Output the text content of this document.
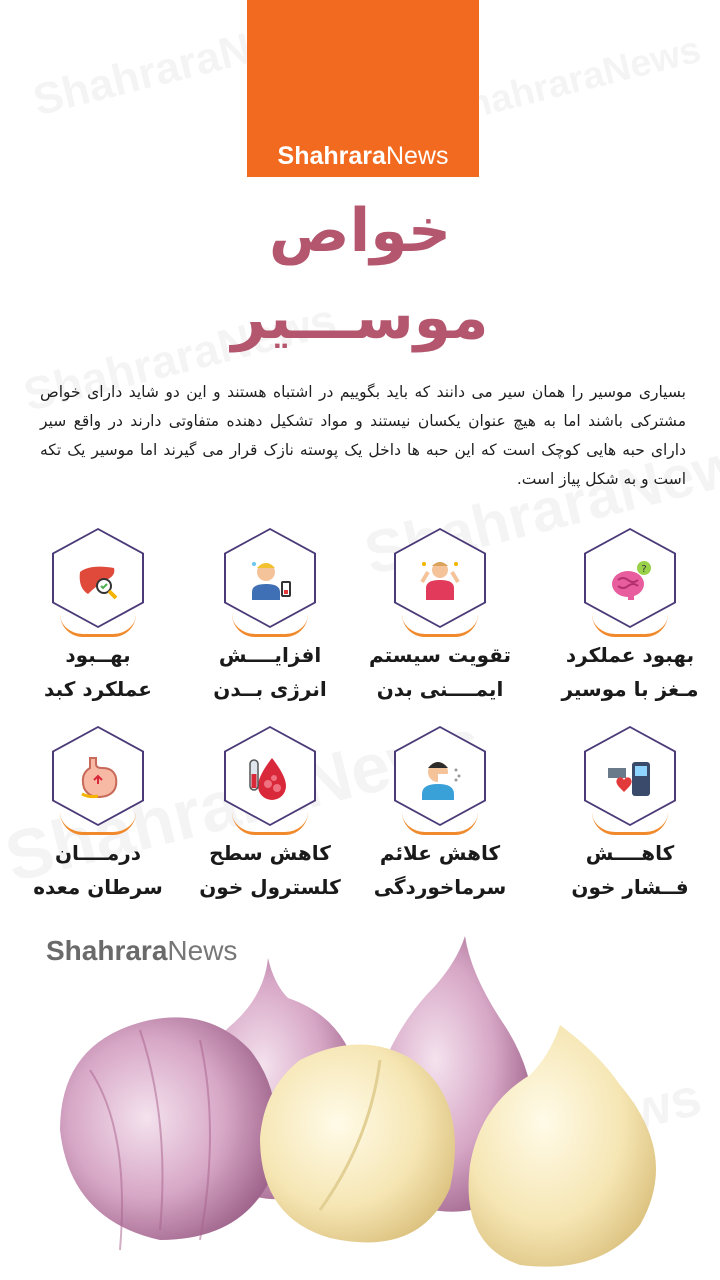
ShahraraNews
خواص
موســـیر
بسیاری موسیر را همان سیر می دانند که باید بگوییم در اشتباه هستند و این دو شاید دارای خواص مشترکی باشند اما به هیچ عنوان یکسان نیستند و مواد تشکیل دهنده متفاوتی دارند در واقع سیر دارای حبه هایی کوچک است که این حبه ها داخل یک پوسته نازک قرار می گیرند اما موسیر یک تکه است و به شکل پیاز است.
?
بهبود عملکرد
مـغز با موسیر
تقویت سیستم
ایمــــنی بدن
افزایــــش
انرژی بــدن
بهــبود
عملکرد کبد
کاهــــش
فــشار خون
کاهش علائم
سرماخوردگی
کاهش سطح
کلسترول خون
درمــــان
سرطان معده
ShahraraNews
